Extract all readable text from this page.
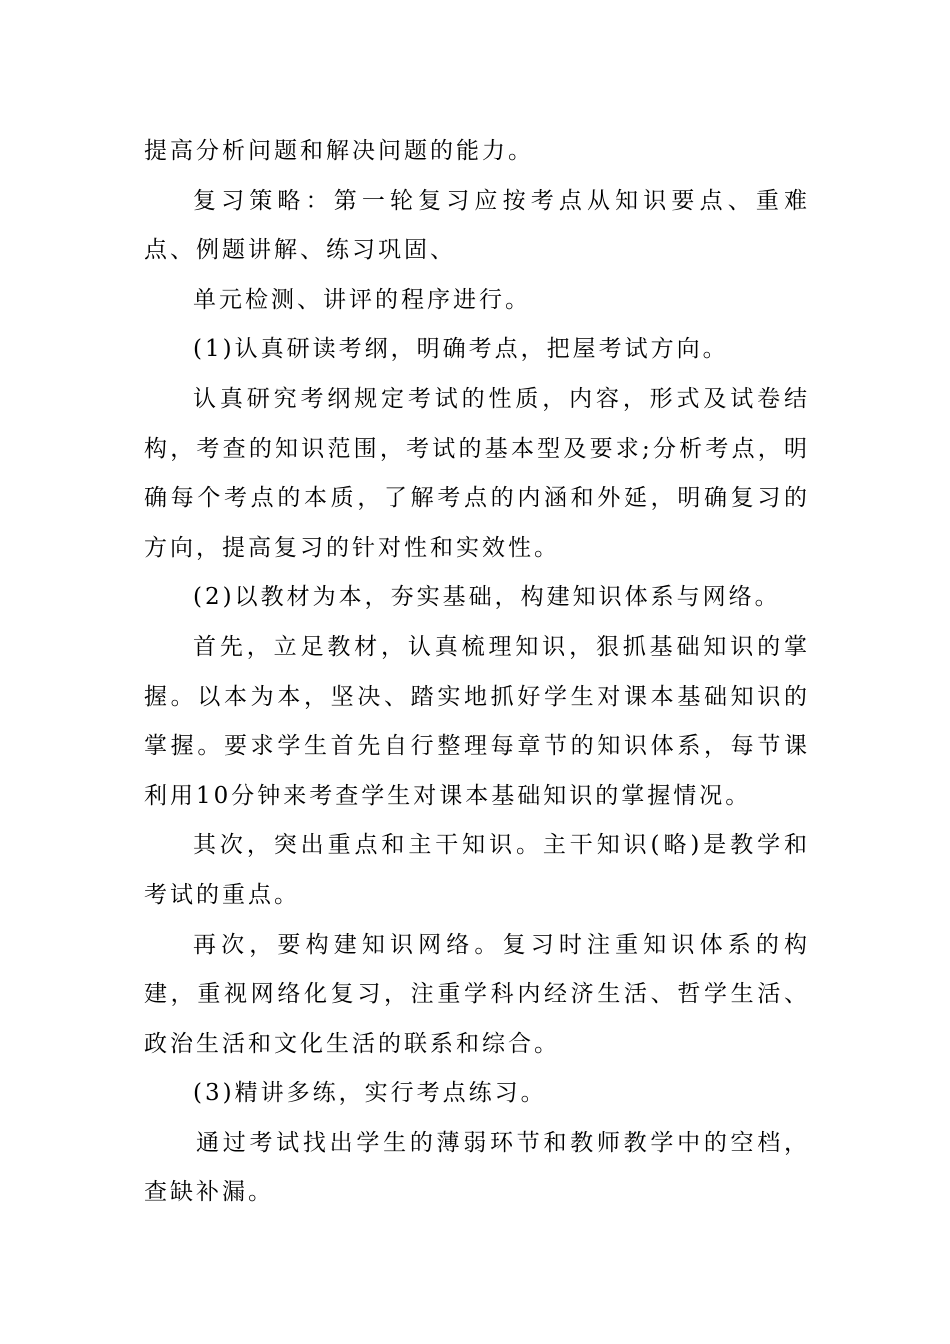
提高分析问题和解决问题的能力。

复习策略：第一轮复习应按考点从知识要点、重难点、例题讲解、练习巩固、

单元检测、讲评的程序进行。

(1)认真研读考纲，明确考点，把屋考试方向。

认真研究考纲规定考试的性质，内容，形式及试卷结构，考查的知识范围，考试的基本型及要求;分析考点，明确每个考点的本质，了解考点的内涵和外延，明确复习的方向，提高复习的针对性和实效性。

(2)以教材为本，夯实基础，构建知识体系与网络。

首先，立足教材，认真梳理知识，狠抓基础知识的掌握。以本为本，坚决、踏实地抓好学生对课本基础知识的掌握。要求学生首先自行整理每章节的知识体系，每节课利用10分钟来考查学生对课本基础知识的掌握情况。

其次，突出重点和主干知识。主干知识(略)是教学和考试的重点。

再次，要构建知识网络。复习时注重知识体系的构建，重视网络化复习，注重学科内经济生活、哲学生活、政治生活和文化生活的联系和综合。

(3)精讲多练，实行考点练习。

通过考试找出学生的薄弱环节和教师教学中的空档，查缺补漏。
